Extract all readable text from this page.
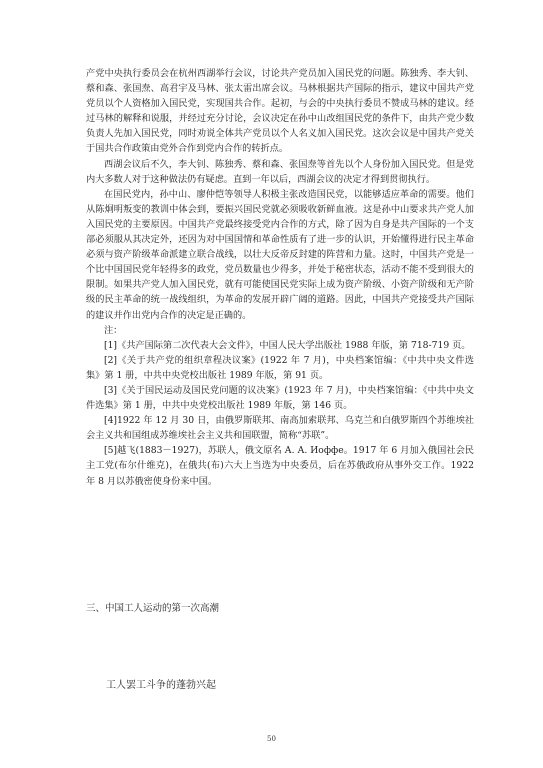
产党中央执行委员会在杭州西湖举行会议，讨论共产党员加入国民党的问题。陈独秀、李大钊、蔡和森、张国焘、高君宇及马林、张太雷出席会议。马林根据共产国际的指示，建议中国共产党党员以个人资格加入国民党，实现国共合作。起初，与会的中央执行委员不赞成马林的建议。经过马林的解释和说服，并经过充分讨论，会议决定在孙中山改组国民党的条件下，由共产党少数负责人先加入国民党，同时劝说全体共产党员以个人名义加入国民党。这次会议是中国共产党关于国共合作政策由党外合作到党内合作的转折点。

西湖会议后不久，李大钊、陈独秀、蔡和森、张国焘等首先以个人身份加入国民党。但是党内大多数人对于这种做法仍有疑虑。直到一年以后，西湖会议的决定才得到贯彻执行。

在国民党内，孙中山、廖仲恺等领导人积极主张改造国民党，以能够适应革命的需要。他们从陈炯明叛变的教训中体会到，要振兴国民党就必须吸收新鲜血液。这是孙中山要求共产党人加入国民党的主要原因。中国共产党最终接受党内合作的方式，除了因为自身是共产国际的一个支部必须服从其决定外，还因为对中国国情和革命性质有了进一步的认识，开始懂得进行民主革命必须与资产阶级革命派建立联合战线，以壮大反帝反封建的阵营和力量。这时，中国共产党是一个比中国国民党年轻得多的政党，党员数量也少得多，并处于秘密状态，活动不能不受到很大的限制。如果共产党人加入国民党，就有可能使国民党实际上成为资产阶级、小资产阶级和无产阶级的民主革命的统一战线组织，为革命的发展开辟广阔的道路。因此，中国共产党接受共产国际的建议并作出党内合作的决定是正确的。

注：

[1]《共产国际第二次代表大会文件》，中国人民大学出版社 1988 年版，第 718-719 页。

[2]《关于共产党的组织章程决议案》(1922 年 7 月)，中央档案馆编：《中共中央文件选集》第 1 册，中共中央党校出版社 1989 年版，第 91 页。

[3]《关于国民运动及国民党问题的议决案》(1923 年 7 月)，中央档案馆编：《中共中央文件选集》第 1 册，中共中央党校出版社 1989 年版，第 146 页。

[4]1922 年 12 月 30 日，由俄罗斯联邦、南高加索联邦、乌克兰和白俄罗斯四个苏维埃社会主义共和国组成苏维埃社会主义共和国联盟，简称“苏联”。

[5]越飞(1883－1927)，苏联人，俄文原名 А. А. Иоффе。1917 年 6 月加入俄国社会民主工党(布尔什维克)，在俄共(布)六大上当选为中央委员，后在苏俄政府从事外交工作。1922 年 8 月以苏俄密使身份来中国。

三、中国工人运动的第一次高潮
工人罢工斗争的蓬勃兴起
50
